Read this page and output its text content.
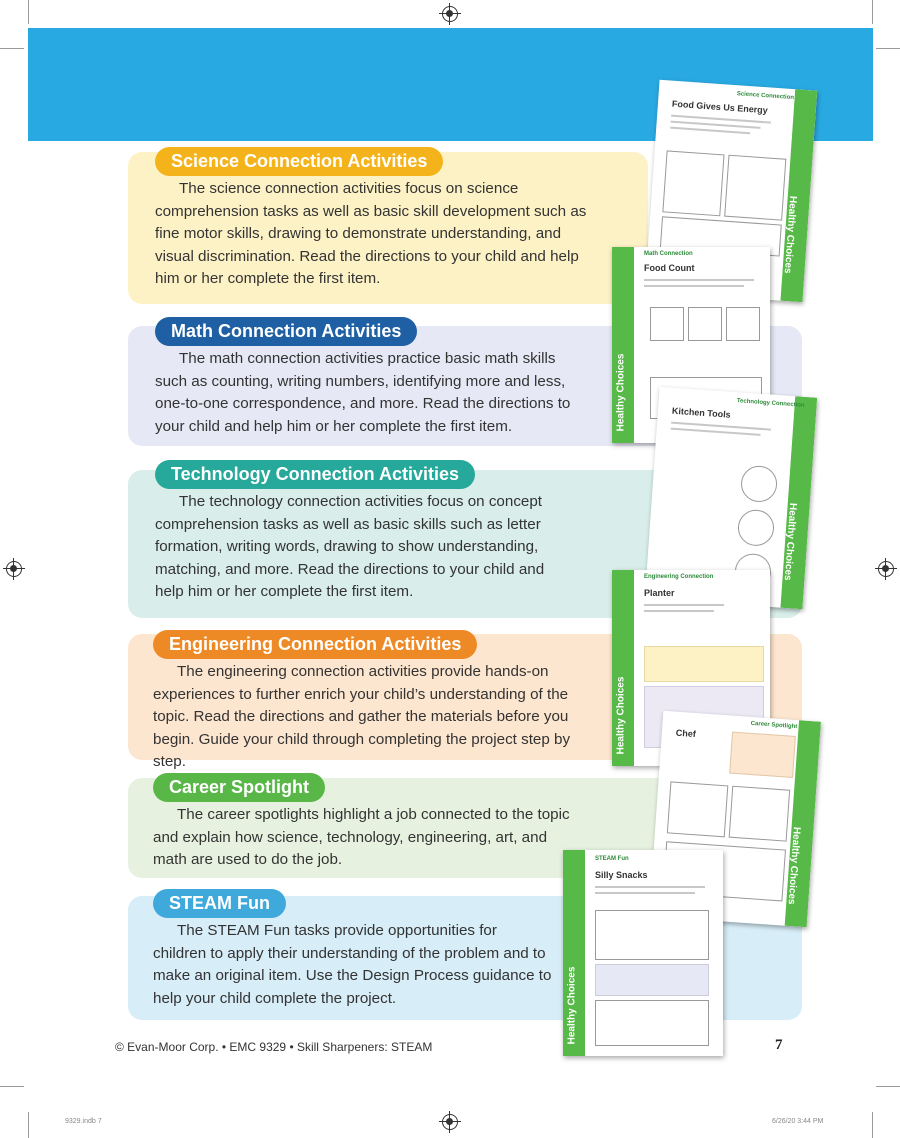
Science Connection Activities
Math Connection Activities
Technology Connection Activities
Engineering Connection Activities
Career Spotlight
STEAM Fun
The science connection activities focus on science comprehension tasks as well as basic skill development such as fine motor skills, drawing to demonstrate understanding, and visual discrimination. Read the directions to your child and help him or her complete the first item.
The math connection activities practice basic math skills such as counting, writing numbers, identifying more and less, one-to-one correspondence, and more. Read the directions to your child and help him or her complete the first item.
The technology connection activities focus on concept comprehension tasks as well as basic skills such as letter formation, writing words, drawing to show understanding, matching, and more. Read the directions to your child and help him or her complete the first item.
The engineering connection activities provide hands-on experiences to further enrich your child’s understanding of the topic. Read the directions and gather the materials before you begin. Guide your child through completing the project step by step.
The career spotlights highlight a job connected to the topic and explain how science, technology, engineering, art, and math are used to do the job.
The STEAM Fun tasks provide opportunities for children to apply their understanding of the problem and to make an original item. Use the Design Process guidance to help your child complete the project.
Healthy Choices
Science Connection
Food Gives Us Energy
Healthy Choices
Math Connection
Food Count
Healthy Choices
Technology Connection
Kitchen Tools
Healthy Choices
Engineering Connection
Planter
Healthy Choices
Career Spotlight
Chef
Healthy Choices
STEAM Fun
Silly Snacks
© Evan-Moor Corp. • EMC 9329 • Skill Sharpeners: STEAM	7
9329.indb 7	6/26/20 3:44 PM
